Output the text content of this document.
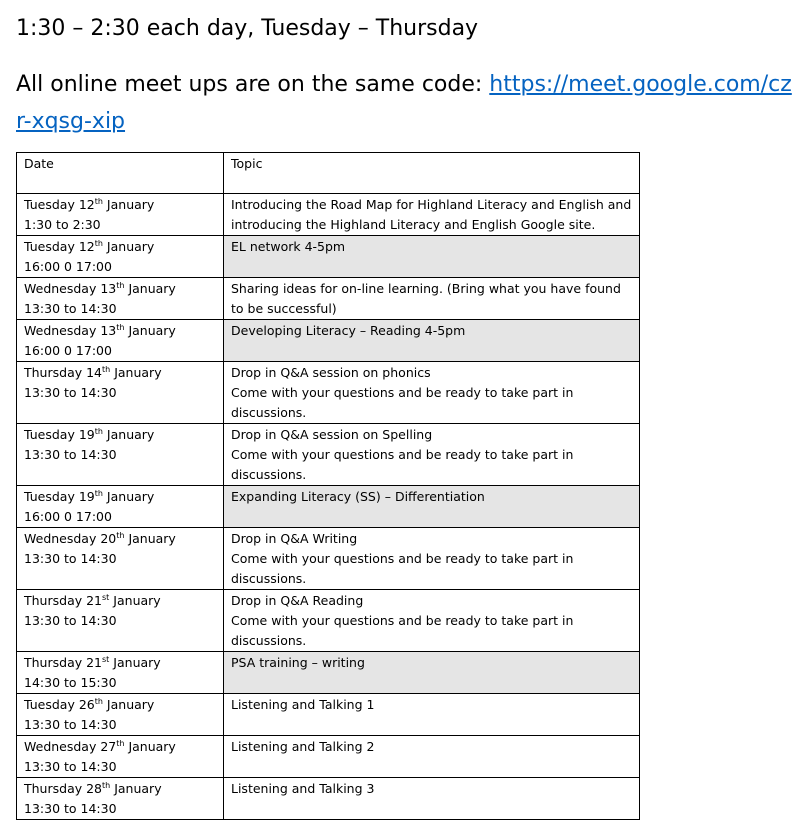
1:30 – 2:30 each day, Tuesday – Thursday
All online meet ups are on the same code: https://meet.google.com/czr-xqsg-xip
Date	Topic

Tuesday 12th January
1:30 to 2:30	Introducing the Road Map for Highland Literacy and English and introducing the Highland Literacy and English Google site.

Tuesday 12th January
16:00 0 17:00	EL network 4-5pm

Wednesday 13th January
13:30 to 14:30	Sharing ideas for on-line learning. (Bring what you have found to be successful)

Wednesday 13th January
16:00 0 17:00	Developing Literacy – Reading 4-5pm

Thursday 14th January
13:30 to 14:30	Drop in Q&A session on phonics
Come with your questions and be ready to take part in discussions.

Tuesday 19th January
13:30 to 14:30	Drop in Q&A session on Spelling
Come with your questions and be ready to take part in discussions.

Tuesday 19th January
16:00 0 17:00	Expanding Literacy (SS) – Differentiation

Wednesday 20th January
13:30 to 14:30	Drop in Q&A Writing
Come with your questions and be ready to take part in discussions.

Thursday 21st January
13:30 to 14:30	Drop in Q&A Reading
Come with your questions and be ready to take part in discussions.

Thursday 21st January
14:30 to 15:30	PSA training – writing

Tuesday 26th January
13:30 to 14:30	Listening and Talking 1

Wednesday 27th January
13:30 to 14:30	Listening and Talking 2

Thursday 28th January
13:30 to 14:30	Listening and Talking 3
